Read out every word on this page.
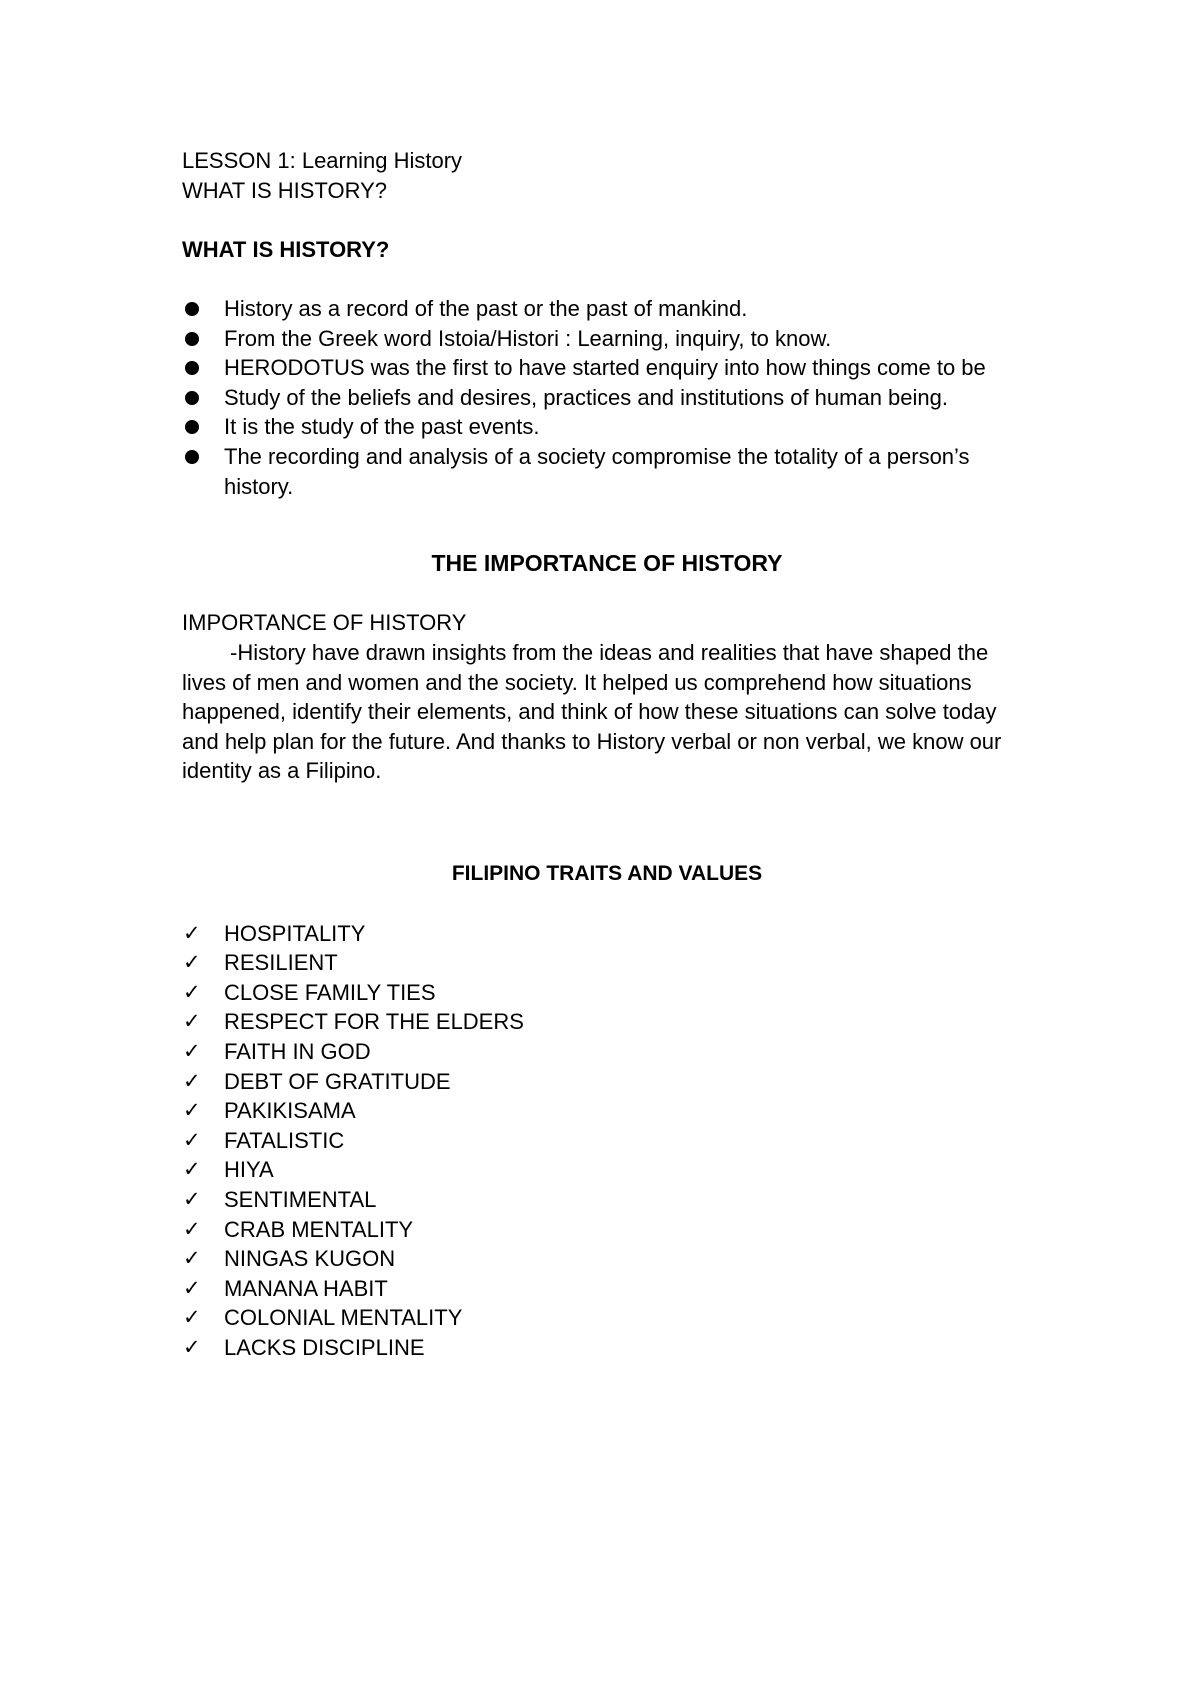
LESSON 1: Learning History

WHAT IS HISTORY?

WHAT IS HISTORY?

History as a record of the past or the past of mankind.
From the Greek word Istoia/Histori : Learning, inquiry, to know.
HERODOTUS was the first to have started enquiry into how things come to be
Study of the beliefs and desires, practices and institutions of human being.
It is the study of the past events.
The recording and analysis of a society compromise the totality of a person’s history.

THE IMPORTANCE OF HISTORY

IMPORTANCE OF HISTORY

-History have drawn insights from the ideas and realities that have shaped the lives of men and women and the society. It helped us comprehend how situations happened, identify their elements, and think of how these situations can solve today and help plan for the future. And thanks to History verbal or non verbal, we know our identity as a Filipino.

FILIPINO TRAITS AND VALUES

✓ HOSPITALITY
✓ RESILIENT
✓ CLOSE FAMILY TIES
✓ RESPECT FOR THE ELDERS
✓ FAITH IN GOD
✓ DEBT OF GRATITUDE
✓ PAKIKISAMA
✓ FATALISTIC
✓ HIYA
✓ SENTIMENTAL
✓ CRAB MENTALITY
✓ NINGAS KUGON
✓ MANANA HABIT
✓ COLONIAL MENTALITY
✓ LACKS DISCIPLINE
